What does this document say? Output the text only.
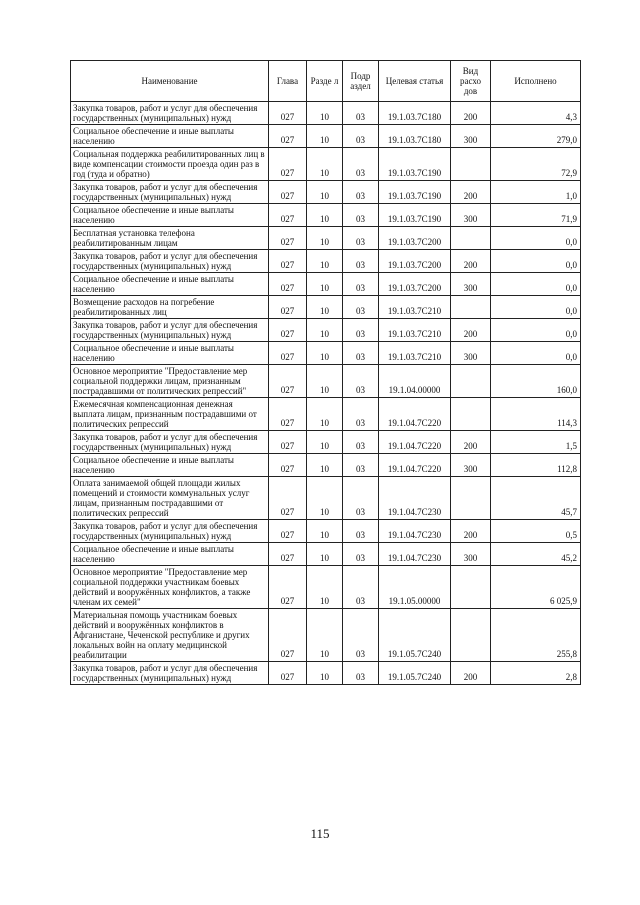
Наименование	Глава	Разде л	Подр аздел	Целевая статья	Вид расхо дов	Исполнено
Закупка товаров, работ и услуг для обеспечения государственных (муниципальных) нужд	027	10	03	19.1.03.7С180	200	4,3
Социальное обеспечение и иные выплаты населению	027	10	03	19.1.03.7С180	300	279,0
Социальная поддержка реабилитированных лиц в виде компенсации стоимости проезда один раз в год (туда и обратно)	027	10	03	19.1.03.7С190		72,9
Закупка товаров, работ и услуг для обеспечения государственных (муниципальных) нужд	027	10	03	19.1.03.7С190	200	1,0
Социальное обеспечение и иные выплаты населению	027	10	03	19.1.03.7С190	300	71,9
Бесплатная установка телефона реабилитированным лицам	027	10	03	19.1.03.7С200		0,0
Закупка товаров, работ и услуг для обеспечения государственных (муниципальных) нужд	027	10	03	19.1.03.7С200	200	0,0
Социальное обеспечение и иные выплаты населению	027	10	03	19.1.03.7С200	300	0,0
Возмещение расходов на погребение реабилитированных лиц	027	10	03	19.1.03.7С210		0,0
Закупка товаров, работ и услуг для обеспечения государственных (муниципальных) нужд	027	10	03	19.1.03.7С210	200	0,0
Социальное обеспечение и иные выплаты населению	027	10	03	19.1.03.7С210	300	0,0
Основное мероприятие "Предоставление мер социальной поддержки лицам, признанным пострадавшими от политических репрессий"	027	10	03	19.1.04.00000		160,0
Ежемесячная компенсационная денежная выплата лицам, признанным пострадавшими от политических репрессий	027	10	03	19.1.04.7С220		114,3
Закупка товаров, работ и услуг для обеспечения государственных (муниципальных) нужд	027	10	03	19.1.04.7С220	200	1,5
Социальное обеспечение и иные выплаты населению	027	10	03	19.1.04.7С220	300	112,8
Оплата занимаемой общей площади жилых помещений и стоимости коммунальных услуг лицам, признанным пострадавшими от политических репрессий	027	10	03	19.1.04.7С230		45,7
Закупка товаров, работ и услуг для обеспечения государственных (муниципальных) нужд	027	10	03	19.1.04.7С230	200	0,5
Социальное обеспечение и иные выплаты населению	027	10	03	19.1.04.7С230	300	45,2
Основное мероприятие "Предоставление мер социальной поддержки участникам боевых действий и вооружённых конфликтов, а также членам их семей"	027	10	03	19.1.05.00000		6 025,9
Материальная помощь участникам боевых действий и вооружённых конфликтов в Афганистане, Чеченской республике и других локальных войн на оплату медицинской реабилитации	027	10	03	19.1.05.7С240		255,8
Закупка товаров, работ и услуг для обеспечения государственных (муниципальных) нужд	027	10	03	19.1.05.7С240	200	2,8
115
